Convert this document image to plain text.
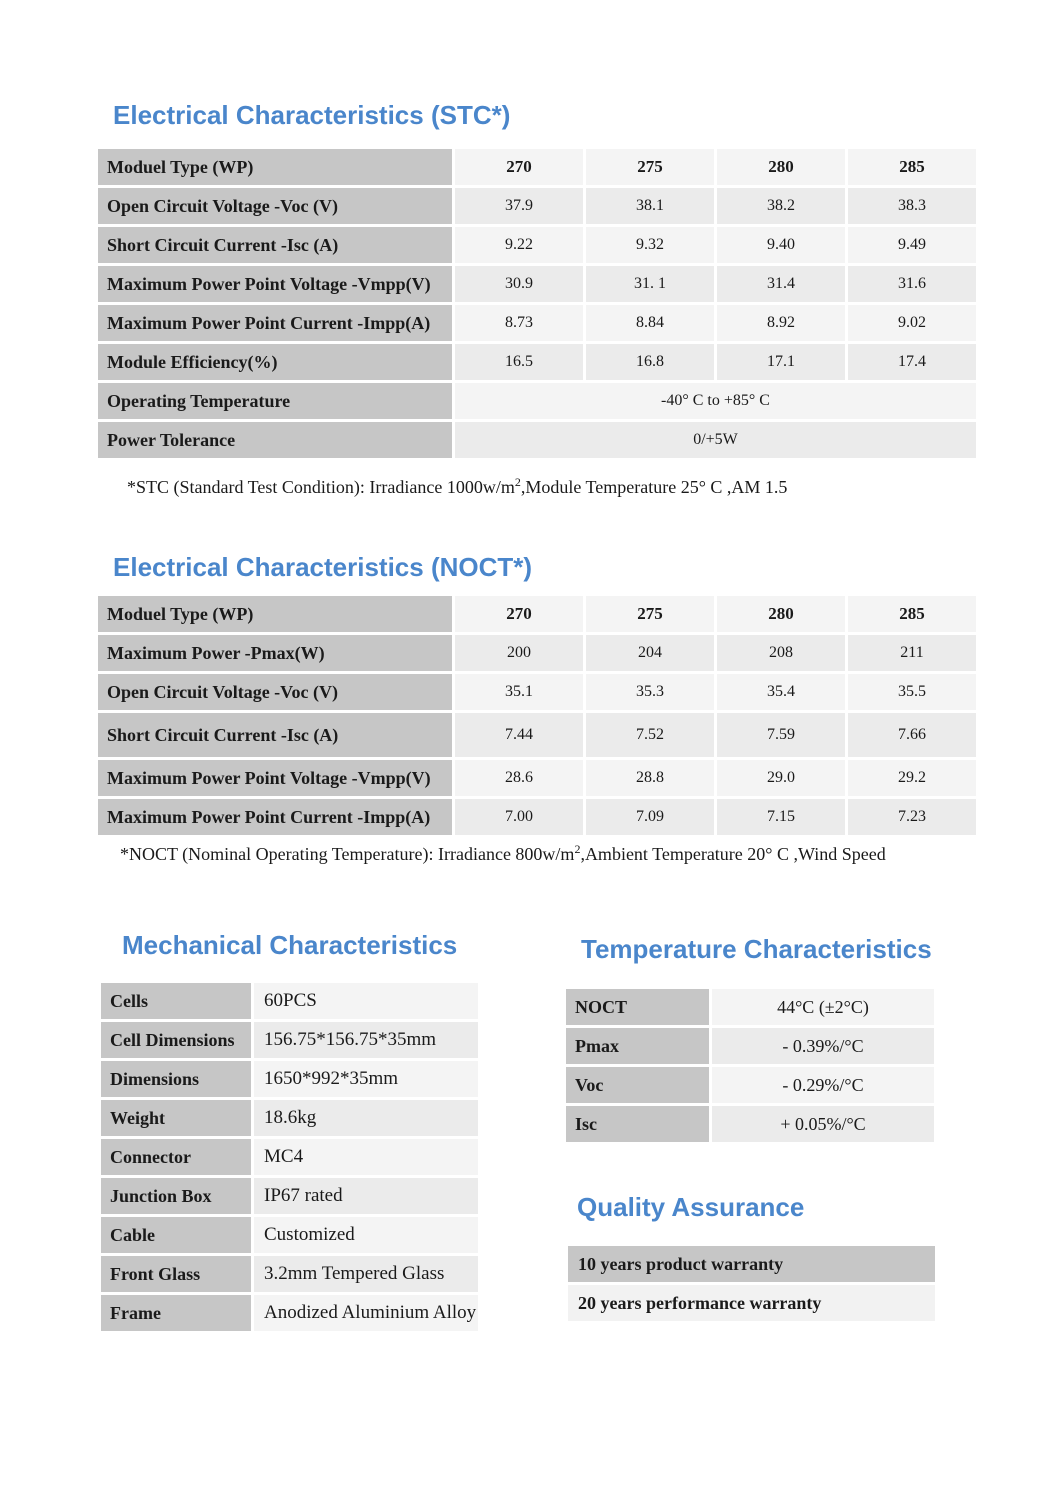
Electrical Characteristics (STC*)
Moduel Type (WP)	270	275	280	285
Open Circuit Voltage -Voc (V)	37.9	38.1	38.2	38.3
Short Circuit Current -Isc (A)	9.22	9.32	9.40	9.49
Maximum Power Point Voltage -Vmpp(V)	30.9	31. 1	31.4	31.6
Maximum Power Point Current -Impp(A)	8.73	8.84	8.92	9.02
Module Efficiency(%)	16.5	16.8	17.1	17.4
Operating Temperature	-40° C to +85° C			
Power Tolerance	0/+5W			
*STC (Standard Test Condition): Irradiance $1000w/m^2,Module$ Temperature 25° C ,AM 1.5
Electrical Characteristics (NOCT*)
Moduel Type (WP)	270	275	280	285
Maximum Power -Pmax(W)	200	204	208	211
Open Circuit Voltage -Voc (V)	35.1	35.3	35.4	35.5
Short Circuit Current -Isc (A)	7.44	7.52	7.59	7.66
Maximum Power Point Voltage -Vmpp(V)	28.6	28.8	29.0	29.2
Maximum Power Point Current -Impp(A)	7.00	7.09	7.15	7.23
*NOCT (Nominal Operating Temperature): Irradiance $800w/m^2,Ambient$ Temperature 20° C ,Wind Speed
Mechanical Characteristics
Cells	60PCS
Cell Dimensions	156.75*156.75*35mm
Dimensions	1650*992*35mm
Weight	18.6kg
Connector	MC4
Junction Box	IP67 rated
Cable	Customized
Front Glass	3.2mm Tempered Glass
Frame	Anodized Aluminium Alloy
Temperature Characteristics
NOCT	44°C (±2°C)
Pmax	- 0.39%/°C
Voc	- 0.29%/°C
Isc	+ 0.05%/°C
Quality Assurance
10 years product warranty
20 years performance warranty
